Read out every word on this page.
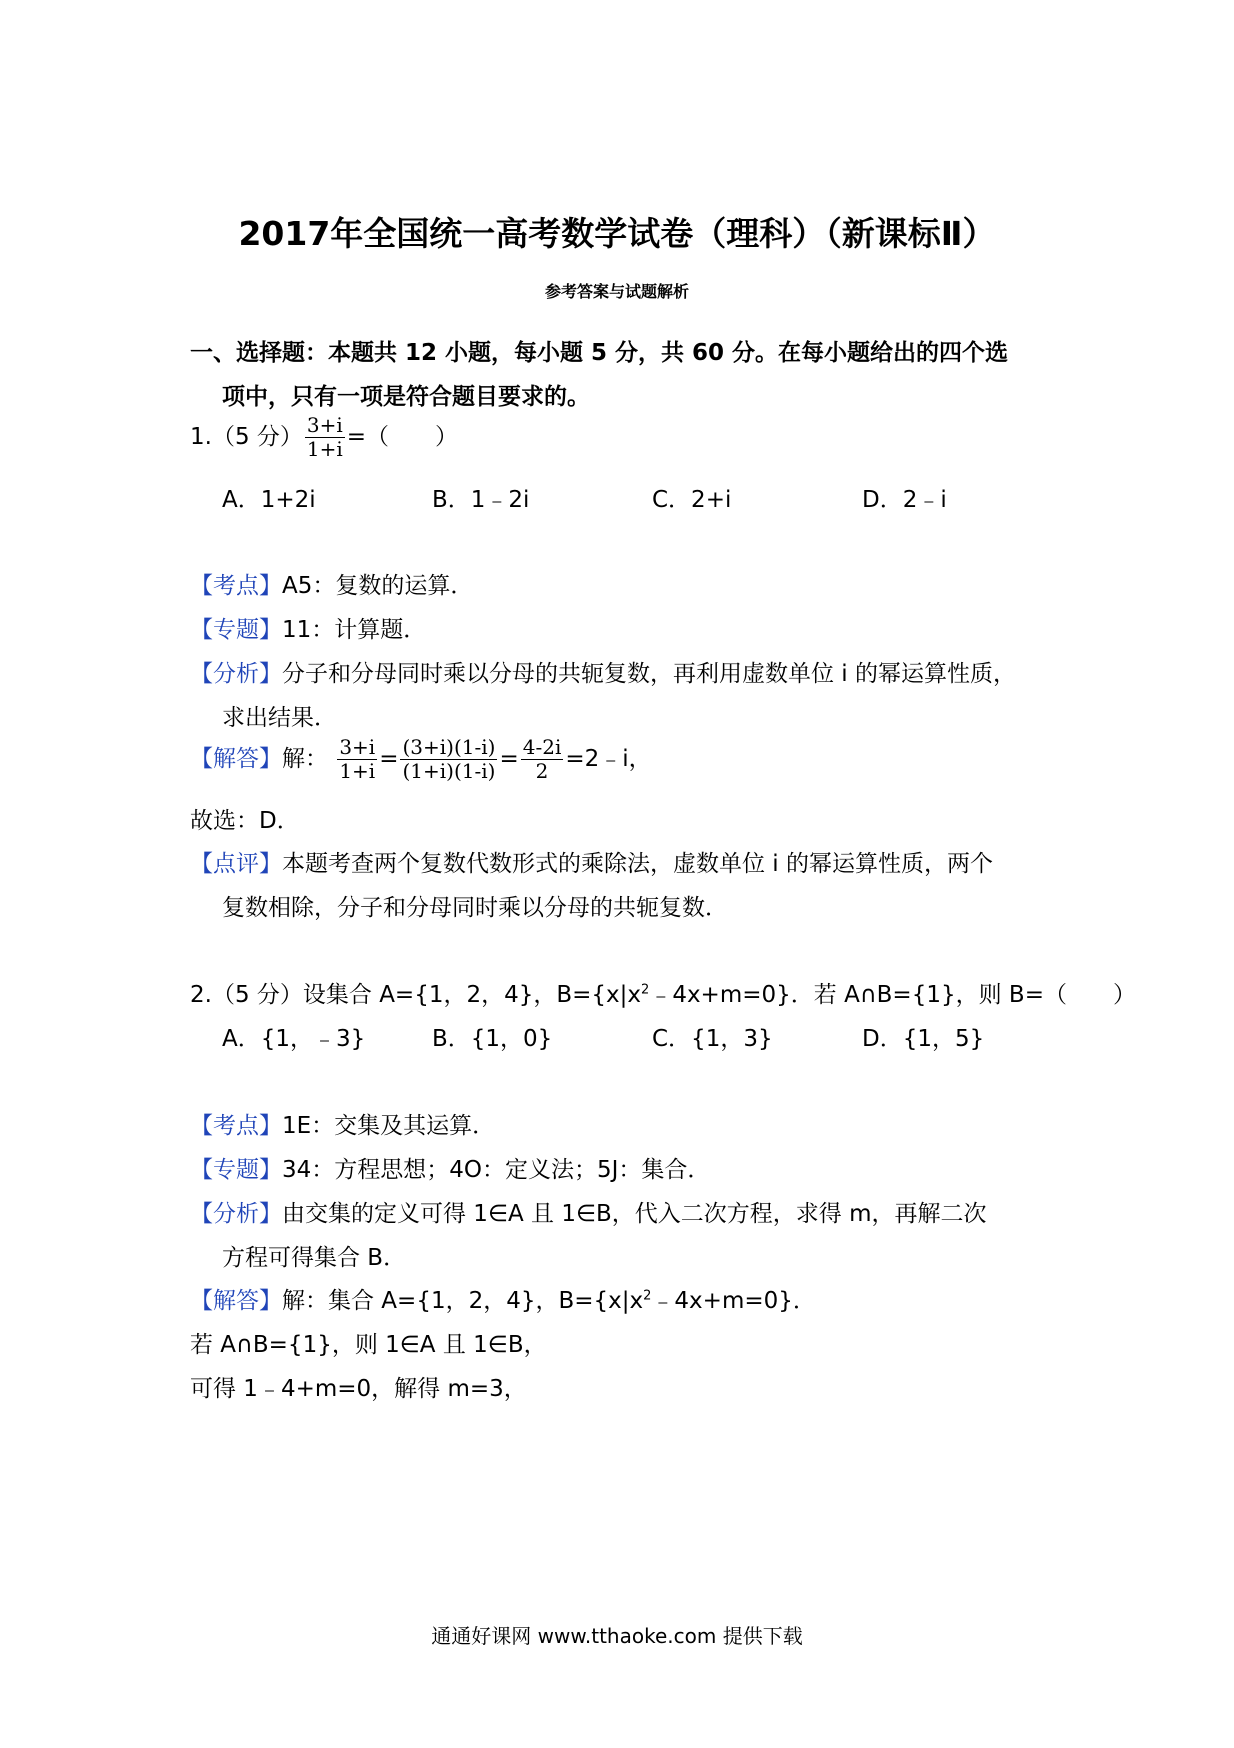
2017年全国统一高考数学试卷（理科）（新课标Ⅱ）
参考答案与试题解析
一、选择题：本题共 12 小题，每小题 5 分，共 60 分。在每小题给出的四个选
项中，只有一项是符合题目要求的。
1.（5 分） $\frac{3+i}{1+i}$ =（　　）
A．1+2i	B．1﹣2i	C．2+i	D．2﹣i
【考点】A5：复数的运算．
【专题】11：计算题．
【分析】分子和分母同时乘以分母的共轭复数，再利用虚数单位 i 的幂运算性质，
求出结果．
【解答】解： $\frac{3+i}{1+i} = \frac{(3+i)(1-i)}{(1+i)(1-i)} = \frac{4-2i}{2}$ =2﹣i，
故选：D．
【点评】本题考查两个复数代数形式的乘除法，虚数单位 i 的幂运算性质，两个
复数相除，分子和分母同时乘以分母的共轭复数．
2.（5 分）设集合 A={1，2，4}，$B=\{x|x^2﹣4x+m=0\}$．若 A∩B={1}，则 B=（　　）
A．{1，﹣3}	B．{1，0}	C．{1，3}	D．{1，5}
【考点】1E：交集及其运算．
【专题】34：方程思想；4O：定义法；5J：集合．
【分析】由交集的定义可得 1∈A 且 1∈B，代入二次方程，求得 m，再解二次
方程可得集合 B．
【解答】解：集合 A={1，2，4}，$B=\{x|x^2﹣4x+m=0\}$．
若 A∩B={1}，则 1∈A 且 1∈B，
可得 1﹣4+m=0，解得 m=3，
通通好课网 www.tthaoke.com 提供下载
